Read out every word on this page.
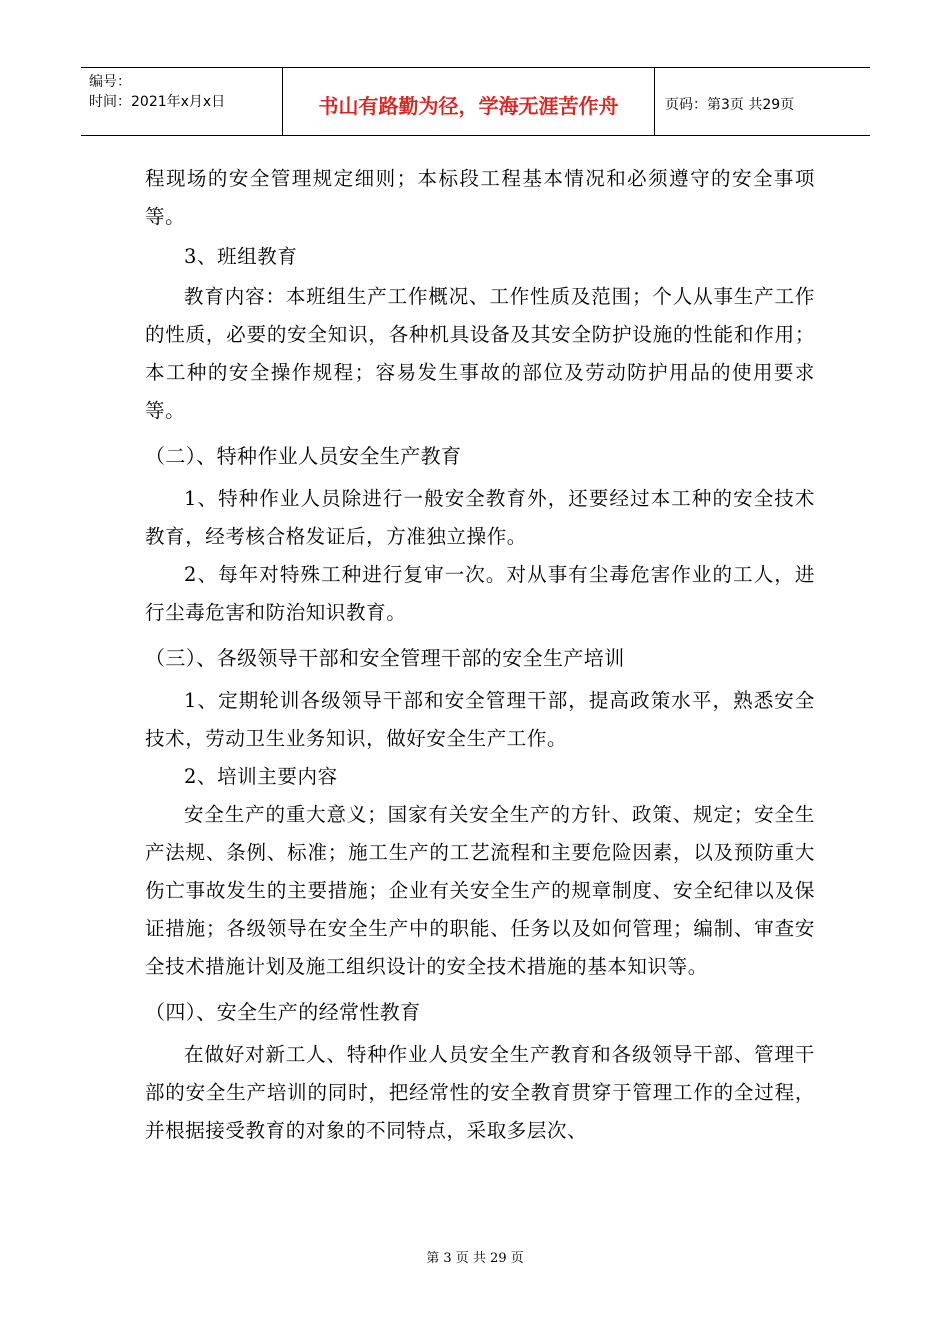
编号：
时间：2021年x月x日	书山有路勤为径，学海无涯苦作舟	页码：第3页 共29页

程现场的安全管理规定细则；本标段工程基本情况和必须遵守的安全事项等。

3、班组教育

教育内容：本班组生产工作概况、工作性质及范围；个人从事生产工作的性质，必要的安全知识，各种机具设备及其安全防护设施的性能和作用；本工种的安全操作规程；容易发生事故的部位及劳动防护用品的使用要求等。

（二）、特种作业人员安全生产教育

1、特种作业人员除进行一般安全教育外，还要经过本工种的安全技术教育，经考核合格发证后，方准独立操作。

2、每年对特殊工种进行复审一次。对从事有尘毒危害作业的工人，进行尘毒危害和防治知识教育。

（三）、各级领导干部和安全管理干部的安全生产培训

1、定期轮训各级领导干部和安全管理干部，提高政策水平，熟悉安全技术，劳动卫生业务知识，做好安全生产工作。

2、培训主要内容

安全生产的重大意义；国家有关安全生产的方针、政策、规定；安全生产法规、条例、标准；施工生产的工艺流程和主要危险因素，以及预防重大伤亡事故发生的主要措施；企业有关安全生产的规章制度、安全纪律以及保证措施；各级领导在安全生产中的职能、任务以及如何管理；编制、审查安全技术措施计划及施工组织设计的安全技术措施的基本知识等。

（四）、安全生产的经常性教育

在做好对新工人、特种作业人员安全生产教育和各级领导干部、管理干部的安全生产培训的同时，把经常性的安全教育贯穿于管理工作的全过程，并根据接受教育的对象的不同特点，采取多层次、

第 3 页 共 29 页
